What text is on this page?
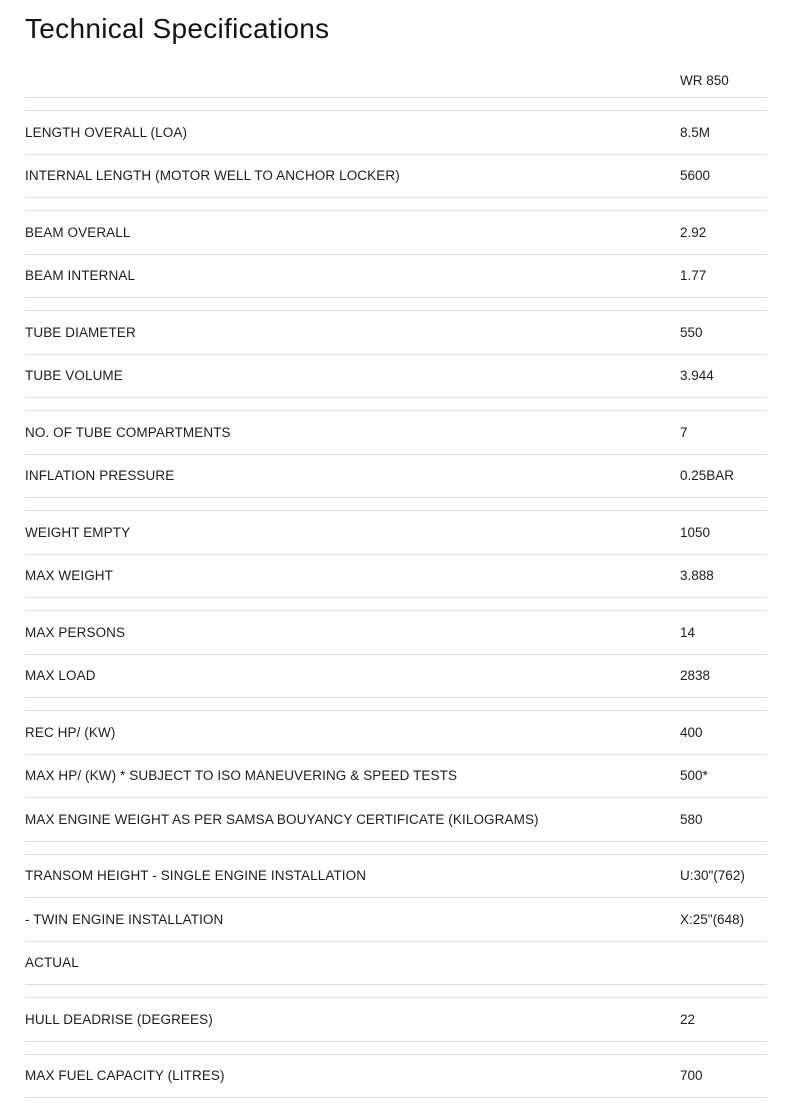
Technical Specifications
WR 850
LENGTH OVERALL (LOA)	8.5M
INTERNAL LENGTH (MOTOR WELL TO ANCHOR LOCKER)	5600
BEAM OVERALL	2.92
BEAM INTERNAL	1.77
TUBE DIAMETER	550
TUBE VOLUME	3.944
NO. OF TUBE COMPARTMENTS	7
INFLATION PRESSURE	0.25BAR
WEIGHT EMPTY	1050
MAX WEIGHT	3.888
MAX PERSONS	14
MAX LOAD	2838
REC HP/ (KW)	400
MAX HP/ (KW) * SUBJECT TO ISO MANEUVERING & SPEED TESTS	500*
MAX ENGINE WEIGHT AS PER SAMSA BOUYANCY CERTIFICATE (KILOGRAMS)	580
TRANSOM HEIGHT - SINGLE ENGINE INSTALLATION	U:30"(762)
- TWIN ENGINE INSTALLATION	X:25"(648)
ACTUAL
HULL DEADRISE (DEGREES)	22
MAX FUEL CAPACITY (LITRES)	700
